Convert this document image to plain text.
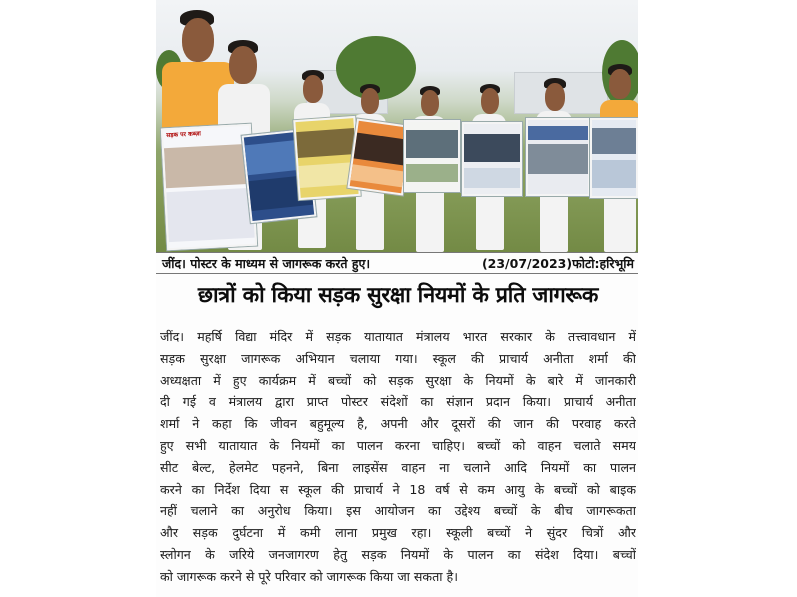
सड़क पर कब्ज़ा
जींद। पोस्टर के माध्यम से जागरूक करते हुए।	(23/07/2023)फोटो:हरिभूमि
छात्रों को किया सड़क सुरक्षा नियमों के प्रति जागरूक
जींद। महर्षि विद्या मंदिर में सड़क यातायात मंत्रालय भारत सरकार के तत्त्वावधान में
सड़क सुरक्षा जागरूक अभियान चलाया गया। स्कूल की प्राचार्य अनीता शर्मा की
अध्यक्षता में हुए कार्यक्रम में बच्चों को सड़क सुरक्षा के नियमों के बारे में जानकारी
दी गई व मंत्रालय द्वारा प्राप्त पोस्टर संदेशों का संज्ञान प्रदान किया। प्राचार्य अनीता
शर्मा ने कहा कि जीवन बहुमूल्य है, अपनी और दूसरों की जान की परवाह करते
हुए सभी यातायात के नियमों का पालन करना चाहिए। बच्चों को वाहन चलाते समय
सीट बेल्ट, हेलमेट पहनने, बिना लाइसेंस वाहन ना चलाने आदि नियमों का पालन
करने का निर्देश दिया स स्कूल की प्राचार्य ने 18 वर्ष से कम आयु के बच्चों को बाइक
नहीं चलाने का अनुरोध किया। इस आयोजन का उद्देश्य बच्चों के बीच जागरूकता
और सड़क दुर्घटना में कमी लाना प्रमुख रहा। स्कूली बच्चों ने सुंदर चित्रों और
स्लोगन के जरिये जनजागरण हेतु सड़क नियमों के पालन का संदेश दिया। बच्चों
को जागरूक करने से पूरे परिवार को जागरूक किया जा सकता है।
